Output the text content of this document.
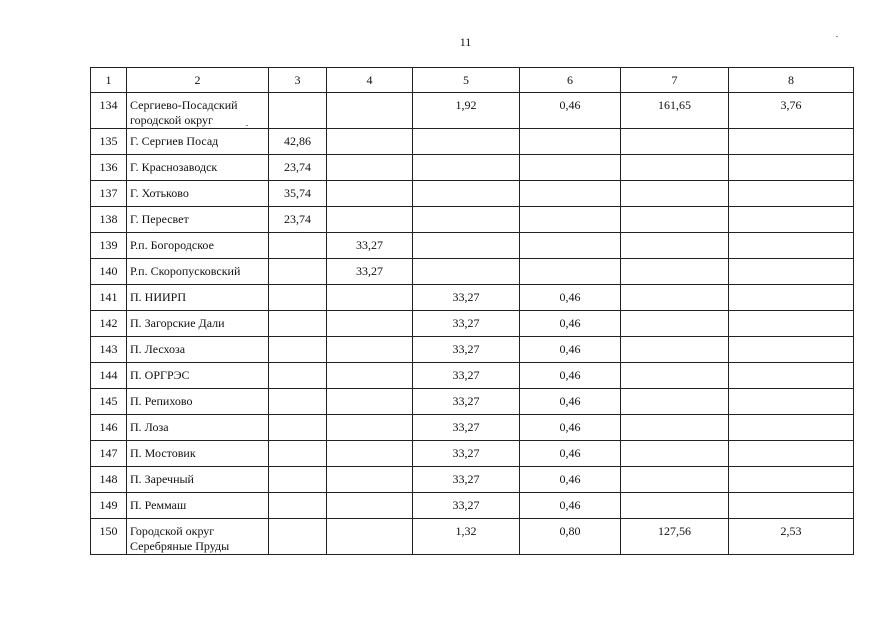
11
1	2	3	4	5	6	7	8
134	Сергиево-Посадский городской округ			1,92	0,46	161,65	3,76
135	Г. Сергиев Посад	42,86					
136	Г. Краснозаводск	23,74					
137	Г. Хотьково	35,74					
138	Г. Пересвет	23,74					
139	Р.п. Богородское		33,27				
140	Р.п. Скоропусковский		33,27				
141	П. НИИРП			33,27	0,46		
142	П. Загорские Дали			33,27	0,46		
143	П. Лесхоза			33,27	0,46		
144	П. ОРГРЭС			33,27	0,46		
145	П. Репихово			33,27	0,46		
146	П. Лоза			33,27	0,46		
147	П. Мостовик			33,27	0,46		
148	П. Заречный			33,27	0,46		
149	П. Реммаш			33,27	0,46		
150	Городской округ Серебряные Пруды			1,32	0,80	127,56	2,53
